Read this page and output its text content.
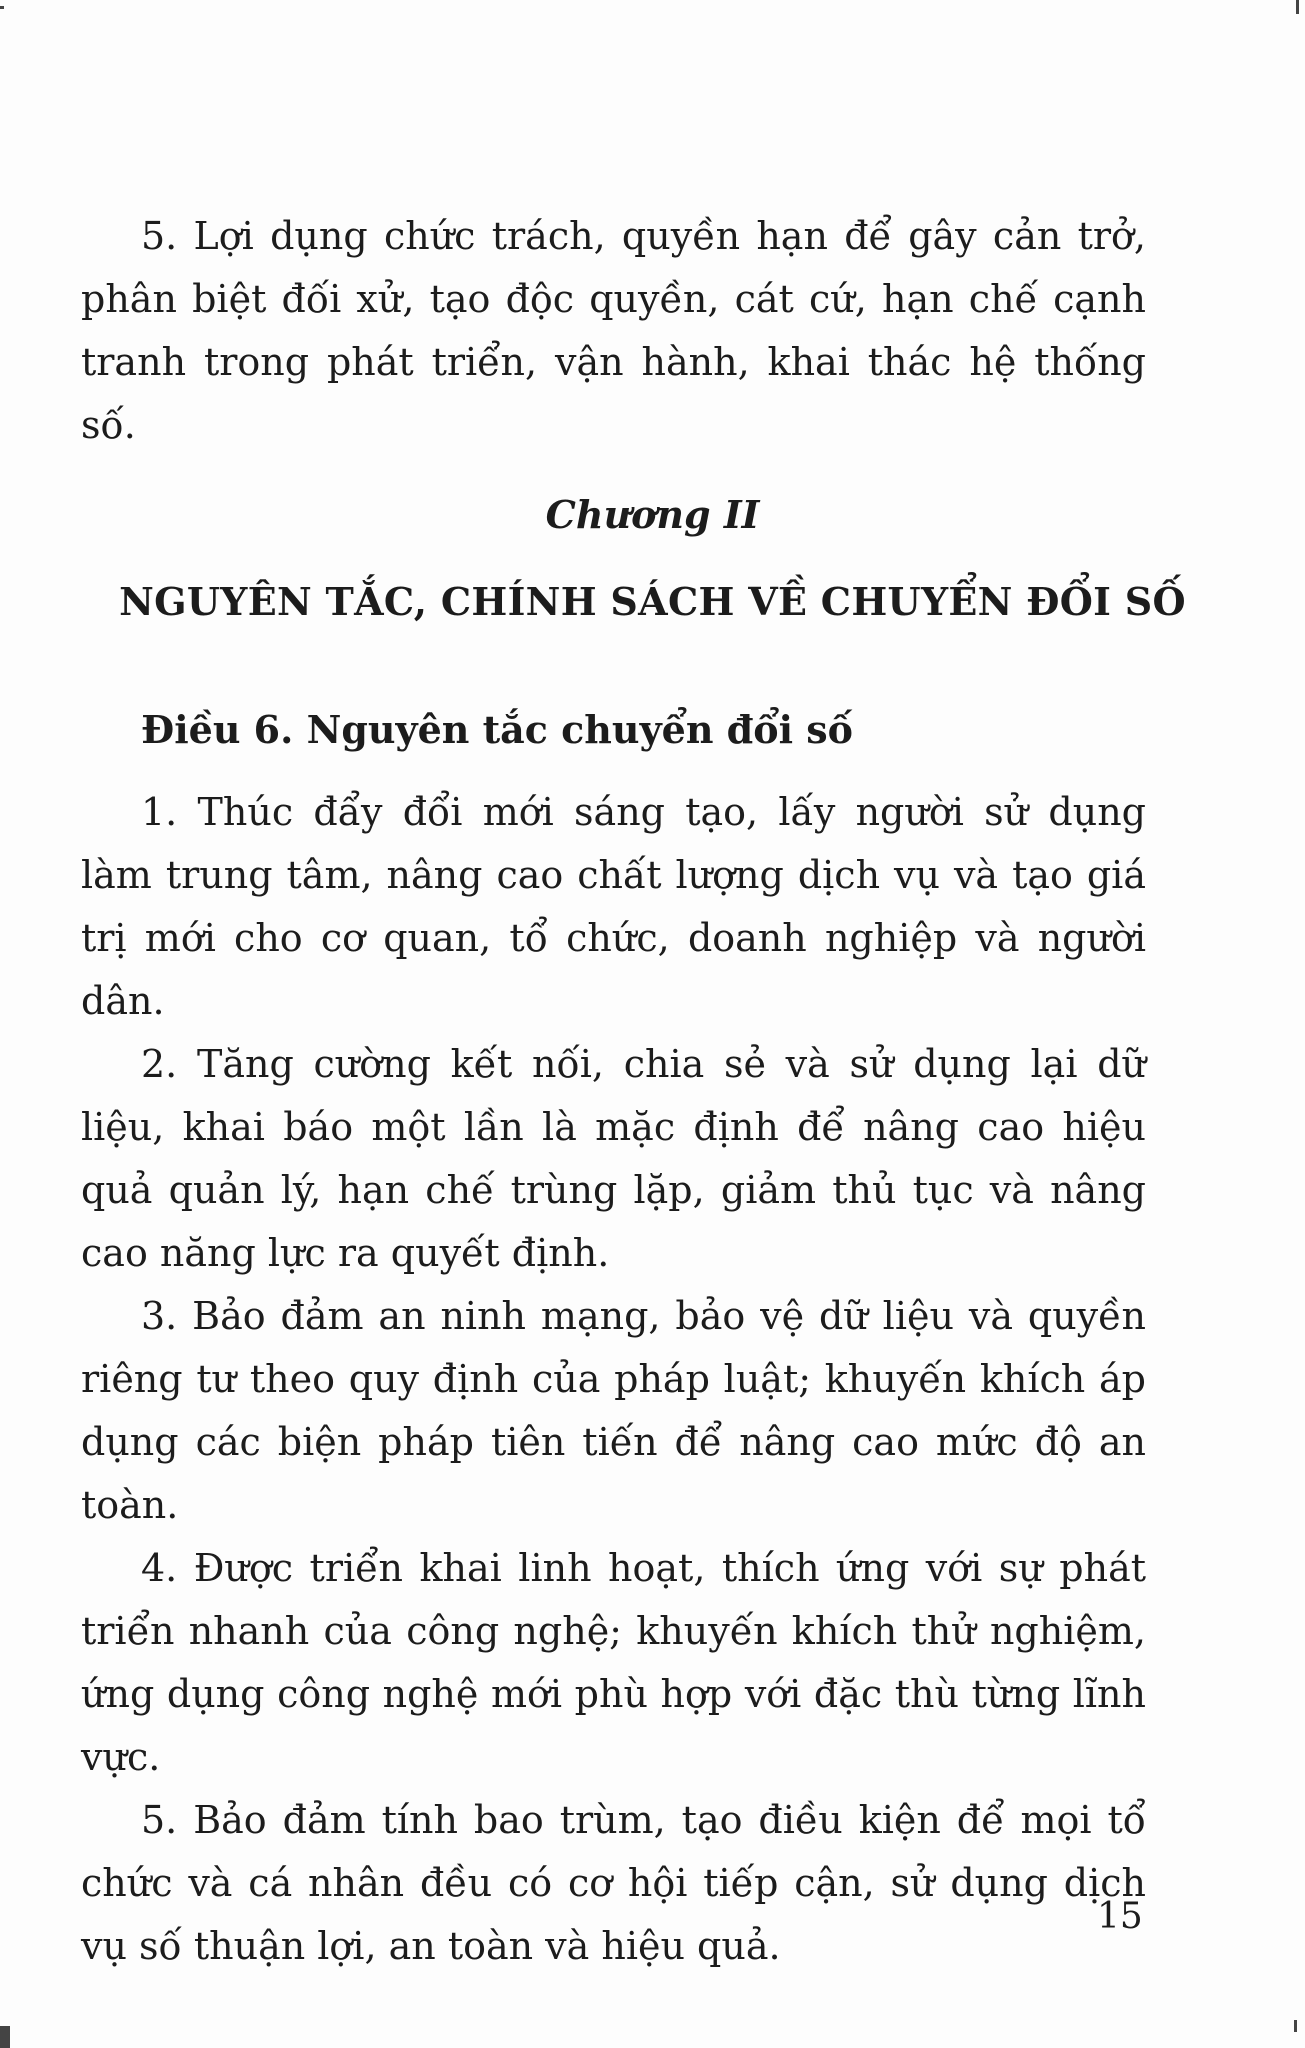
5. Lợi dụng chức trách, quyền hạn để gây cản trở, phân biệt đối xử, tạo độc quyền, cát cứ, hạn chế cạnh tranh trong phát triển, vận hành, khai thác hệ thống số.

Chương II
NGUYÊN TẮC, CHÍNH SÁCH VỀ CHUYỂN ĐỔI SỐ
Điều 6. Nguyên tắc chuyển đổi số

1. Thúc đẩy đổi mới sáng tạo, lấy người sử dụng làm trung tâm, nâng cao chất lượng dịch vụ và tạo giá trị mới cho cơ quan, tổ chức, doanh nghiệp và người dân.

2. Tăng cường kết nối, chia sẻ và sử dụng lại dữ liệu, khai báo một lần là mặc định để nâng cao hiệu quả quản lý, hạn chế trùng lặp, giảm thủ tục và nâng cao năng lực ra quyết định.

3. Bảo đảm an ninh mạng, bảo vệ dữ liệu và quyền riêng tư theo quy định của pháp luật; khuyến khích áp dụng các biện pháp tiên tiến để nâng cao mức độ an toàn.

4. Được triển khai linh hoạt, thích ứng với sự phát triển nhanh của công nghệ; khuyến khích thử nghiệm, ứng dụng công nghệ mới phù hợp với đặc thù từng lĩnh vực.

5. Bảo đảm tính bao trùm, tạo điều kiện để mọi tổ chức và cá nhân đều có cơ hội tiếp cận, sử dụng dịch vụ số thuận lợi, an toàn và hiệu quả.

15
